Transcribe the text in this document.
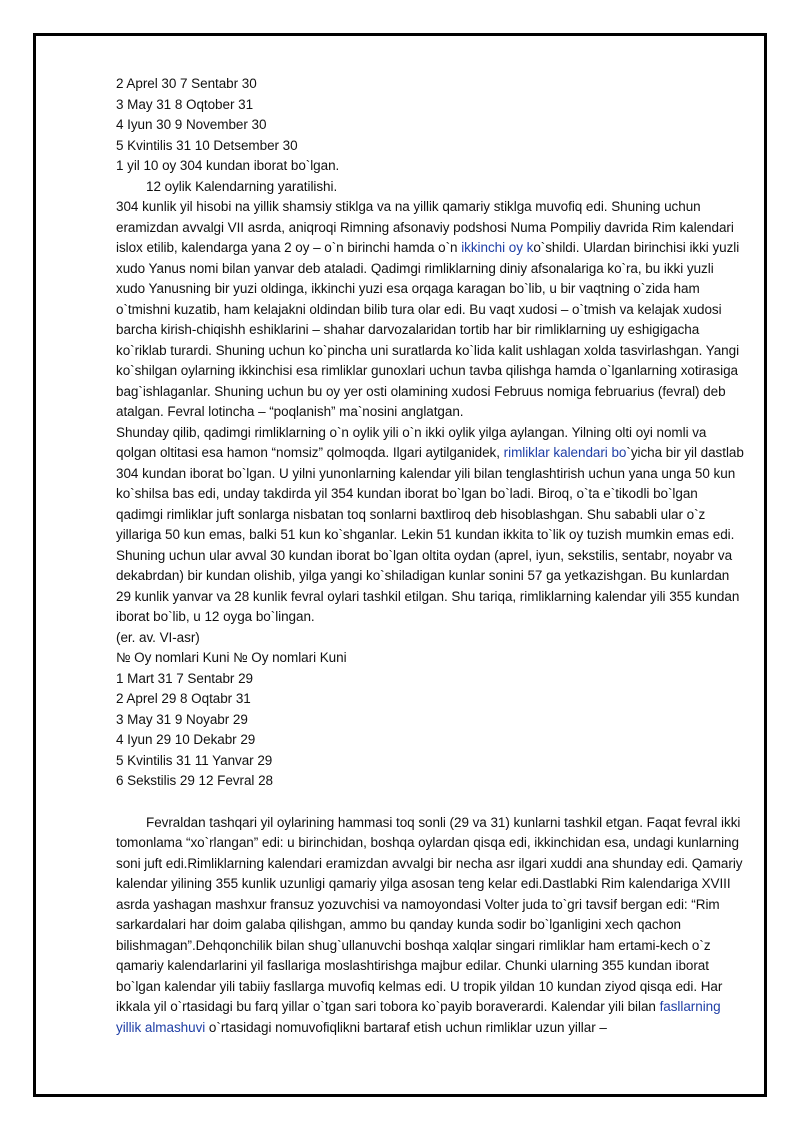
2 Aprel 30 7 Sentabr 30

3 May 31 8 Oqtober 31

4 Iyun 30 9 November 30

5 Kvintilis 31 10 Detsember 30

1 yil 10 oy 304 kundan iborat bo`lgan.

12 oylik Kalendarning yaratilishi.

304 kunlik yil hisobi na yillik shamsiy stiklga va na yillik qamariy stiklga muvofiq edi. Shuning uchun eramizdan avvalgi VII asrda, aniqroqi Rimning afsonaviy podshosi Numa Pompiliy davrida Rim kalendari islox etilib, kalendarga yana 2 oy – o`n birinchi hamda o`n ikkinchi oy ko`shildi. Ulardan birinchisi ikki yuzli xudo Yanus nomi bilan yanvar deb ataladi. Qadimgi rimliklarning diniy afsonalariga ko`ra, bu ikki yuzli xudo Yanusning bir yuzi oldinga, ikkinchi yuzi esa orqaga karagan bo`lib, u bir vaqtning o`zida ham o`tmishni kuzatib, ham kelajakni oldindan bilib tura olar edi. Bu vaqt xudosi – o`tmish va kelajak xudosi barcha kirish-chiqishh eshiklarini – shahar darvozalaridan tortib har bir rimliklarning uy eshigigacha ko`riklab turardi. Shuning uchun ko`pincha uni suratlarda ko`lida kalit ushlagan xolda tasvirlashgan. Yangi ko`shilgan oylarning ikkinchisi esa rimliklar gunoxlari uchun tavba qilishga hamda o`lganlarning xotirasiga bag`ishlaganlar. Shuning uchun bu oy yer osti olamining xudosi Februus nomiga februarius (fevral) deb atalgan. Fevral lotincha – “poqlanish” ma`nosini anglatgan.

Shunday qilib, qadimgi rimliklarning o`n oylik yili o`n ikki oylik yilga aylangan. Yilning olti oyi nomli va qolgan oltitasi esa hamon “nomsiz” qolmoqda. Ilgari aytilganidek, rimliklar kalendari bo`yicha bir yil dastlab 304 kundan iborat bo`lgan. U yilni yunonlarning kalendar yili bilan tenglashtirish uchun yana unga 50 kun ko`shilsa bas edi, unday takdirda yil 354 kundan iborat bo`lgan bo`ladi. Biroq, o`ta e`tikodli bo`lgan qadimgi rimliklar juft sonlarga nisbatan toq sonlarni baxtliroq deb hisoblashgan. Shu sababli ular o`z yillariga 50 kun emas, balki 51 kun ko`shganlar. Lekin 51 kundan ikkita to`lik oy tuzish mumkin emas edi. Shuning uchun ular avval 30 kundan iborat bo`lgan oltita oydan (aprel, iyun, sekstilis, sentabr, noyabr va dekabrdan) bir kundan olishib, yilga yangi ko`shiladigan kunlar sonini 57 ga yetkazishgan. Bu kunlardan 29 kunlik yanvar va 28 kunlik fevral oylari tashkil etilgan. Shu tariqa, rimliklarning kalendar yili 355 kundan iborat bo`lib, u 12 oyga bo`lingan.

(er. av. VI-asr)

№ Oy nomlari Kuni № Oy nomlari Kuni

1 Mart 31 7 Sentabr 29

2 Aprel 29 8 Oqtabr 31

3 May 31 9 Noyabr 29

4 Iyun 29 10 Dekabr 29

5 Kvintilis 31 11 Yanvar 29

6 Sekstilis 29 12 Fevral 28

Fevraldan tashqari yil oylarining hammasi toq sonli (29 va 31) kunlarni tashkil etgan. Faqat fevral ikki tomonlama “xo`rlangan” edi: u birinchidan, boshqa oylardan qisqa edi, ikkinchidan esa, undagi kunlarning soni juft edi.Rimliklarning kalendari eramizdan avvalgi bir necha asr ilgari xuddi ana shunday edi. Qamariy kalendar yilining 355 kunlik uzunligi qamariy yilga asosan teng kelar edi.Dastlabki Rim kalendariga XVIII asrda yashagan mashxur fransuz yozuvchisi va namoyondasi Volter juda to`gri tavsif bergan edi: “Rim sarkardalari har doim galaba qilishgan, ammo bu qanday kunda sodir bo`lganligini xech qachon bilishmagan”.Dehqonchilik bilan shug`ullanuvchi boshqa xalqlar singari rimliklar ham ertami-kech o`z qamariy kalendarlarini yil fasllariga moslashtirishga majbur edilar. Chunki ularning 355 kundan iborat bo`lgan kalendar yili tabiiy fasllarga muvofiq kelmas edi. U tropik yildan 10 kundan ziyod qisqa edi. Har ikkala yil o`rtasidagi bu farq yillar o`tgan sari tobora ko`payib boraverardi. Kalendar yili bilan fasllarning yillik almashuvi o`rtasidagi nomuvofiqlikni bartaraf etish uchun rimliklar uzun yillar –
